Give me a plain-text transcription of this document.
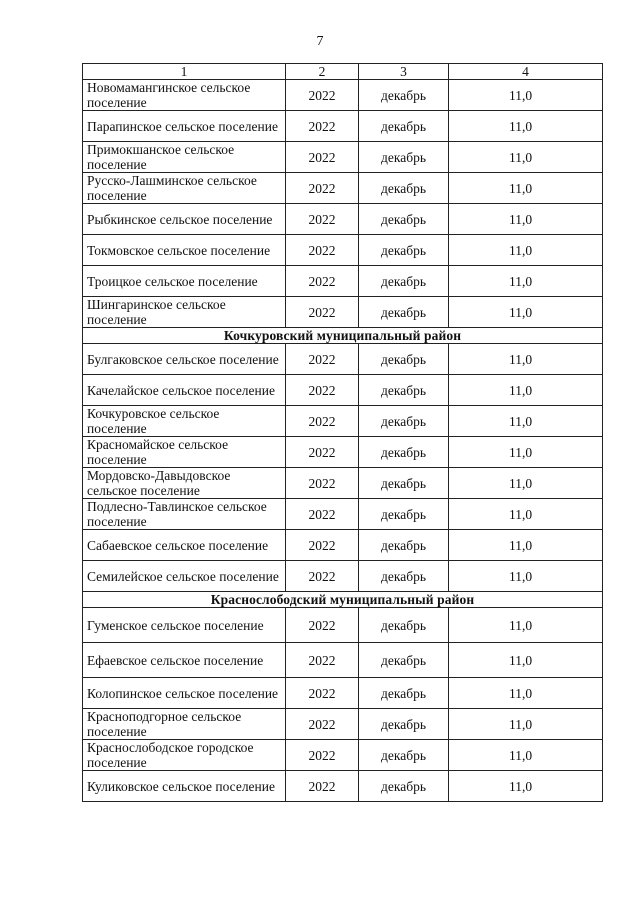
7
1	2	3	4
Новомамангинское сельское поселение	2022	декабрь	11,0
Парапинское сельское поселение	2022	декабрь	11,0
Примокшанское сельское поселение	2022	декабрь	11,0
Русско-Лашминское сельское поселение	2022	декабрь	11,0
Рыбкинское сельское поселение	2022	декабрь	11,0
Токмовское сельское поселение	2022	декабрь	11,0
Троицкое сельское поселение	2022	декабрь	11,0
Шингаринское сельское поселение	2022	декабрь	11,0
Кочкуровский муниципальный район			
Булгаковское сельское поселение	2022	декабрь	11,0
Качелайское сельское поселение	2022	декабрь	11,0
Кочкуровское сельское поселение	2022	декабрь	11,0
Красномайское сельское поселение	2022	декабрь	11,0
Мордовско-Давыдовское сельское поселение	2022	декабрь	11,0
Подлесно-Тавлинское сельское поселение	2022	декабрь	11,0
Сабаевское сельское поселение	2022	декабрь	11,0
Семилейское сельское поселение	2022	декабрь	11,0
Краснослободский муниципальный район			
Гуменское сельское поселение	2022	декабрь	11,0
Ефаевское сельское поселение	2022	декабрь	11,0
Колопинское сельское поселение	2022	декабрь	11,0
Красноподгорное сельское поселение	2022	декабрь	11,0
Краснослободское городское поселение	2022	декабрь	11,0
Куликовское сельское поселение	2022	декабрь	11,0
